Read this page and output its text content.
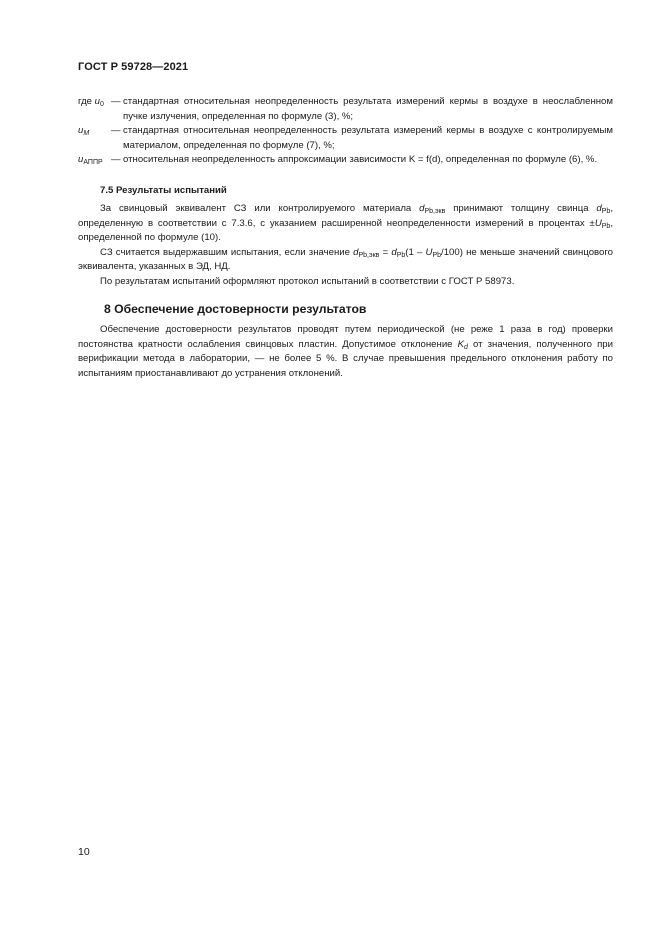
ГОСТ Р 59728—2021
где $u_0$ — стандартная относительная неопределенность результата измерений кермы в воздухе в неослабленном пучке излучения, определенная по формуле (3), %;
$u_M$	— стандартная относительная неопределенность результата измерений кермы в воздухе с контролируемым материалом, определенная по формуле (7), %;
$u_{АППР}$ — относительная неопределенность аппроксимации зависимости K = f(d), определенная по формуле (6), %.
7.5 Результаты испытаний

За свинцовый эквивалент СЗ или контролируемого материала $d_{Pb,экв}$ принимают толщину свинца $d_{Pb}$, определенную в соответствии с 7.3.6, с указанием расширенной неопределенности измерений в процентах $\pm U_{Pb}$, определенной по формуле (10).

СЗ считается выдержавшим испытания, если значение $d_{Pb,экв} = d_{Pb}(1 - U_{Pb}/100)$ не меньше значений свинцового эквивалента, указанных в ЭД, НД.

По результатам испытаний оформляют протокол испытаний в соответствии с ГОСТ Р 58973.

8 Обеспечение достоверности результатов

Обеспечение достоверности результатов проводят путем периодической (не реже 1 раза в год) проверки постоянства кратности ослабления свинцовых пластин. Допустимое отклонение $K_d$ от значения, полученного при верификации метода в лаборатории, — не более 5 %. В случае превышения предельного отклонения работу по испытаниям приостанавливают до устранения отклонений.

10
